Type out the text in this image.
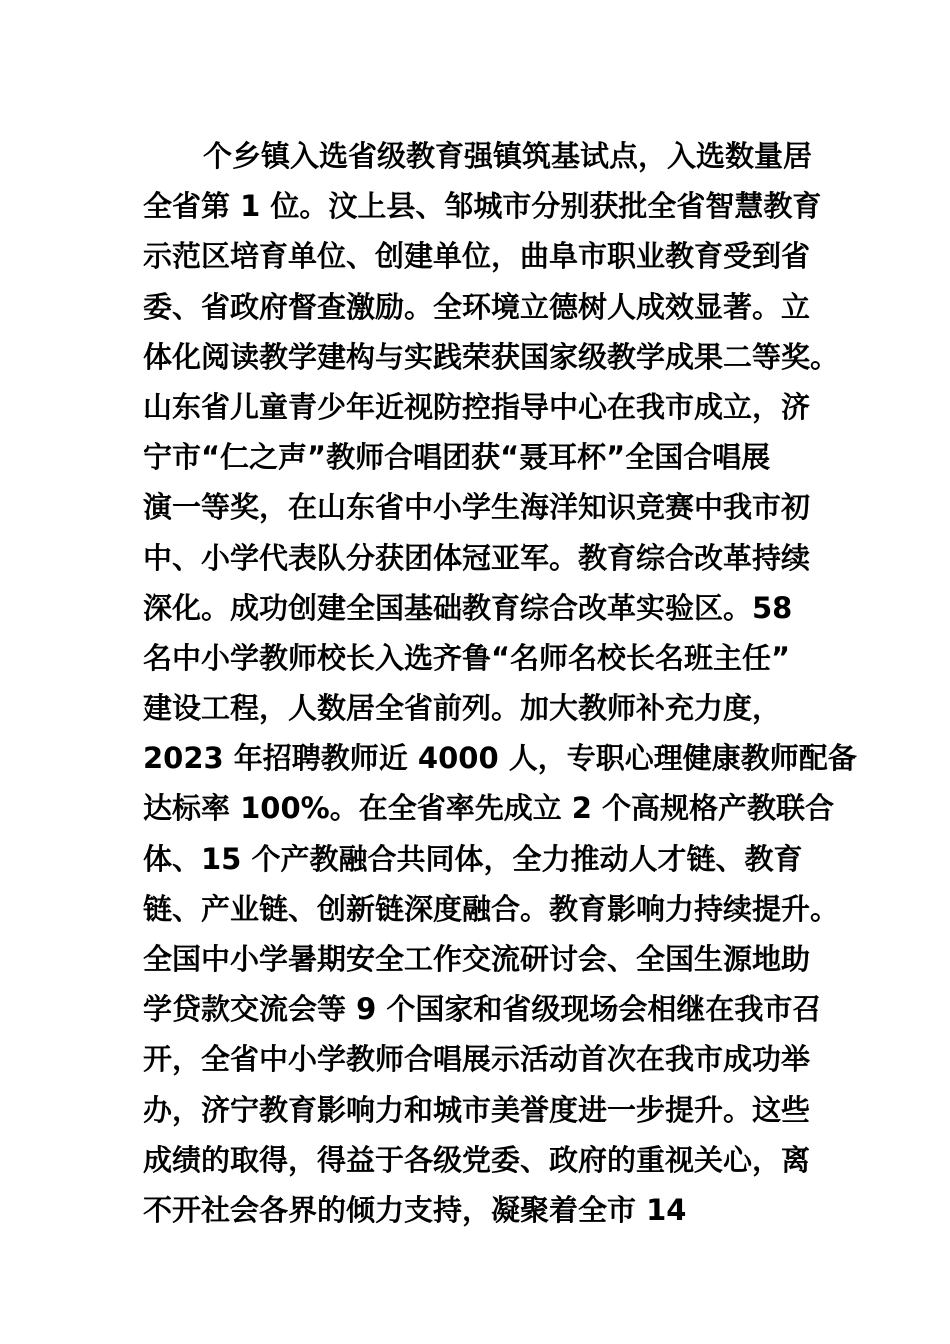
个乡镇入选省级教育强镇筑基试点，入选数量居
全省第 1 位。汶上县、邹城市分别获批全省智慧教育
示范区培育单位、创建单位，曲阜市职业教育受到省
委、省政府督查激励。全环境立德树人成效显著。立
体化阅读教学建构与实践荣获国家级教学成果二等奖。
山东省儿童青少年近视防控指导中心在我市成立，济
宁市“仁之声”教师合唱团获“聂耳杯”全国合唱展
演一等奖，在山东省中小学生海洋知识竞赛中我市初
中、小学代表队分获团体冠亚军。教育综合改革持续
深化。成功创建全国基础教育综合改革实验区。58
名中小学教师校长入选齐鲁“名师名校长名班主任”
建设工程，人数居全省前列。加大教师补充力度，
2023 年招聘教师近 4000 人，专职心理健康教师配备
达标率 100%。在全省率先成立 2 个高规格产教联合
体、15 个产教融合共同体，全力推动人才链、教育
链、产业链、创新链深度融合。教育影响力持续提升。
全国中小学暑期安全工作交流研讨会、全国生源地助
学贷款交流会等 9 个国家和省级现场会相继在我市召
开，全省中小学教师合唱展示活动首次在我市成功举
办，济宁教育影响力和城市美誉度进一步提升。这些
成绩的取得，得益于各级党委、政府的重视关心，离
不开社会各界的倾力支持，凝聚着全市 14
